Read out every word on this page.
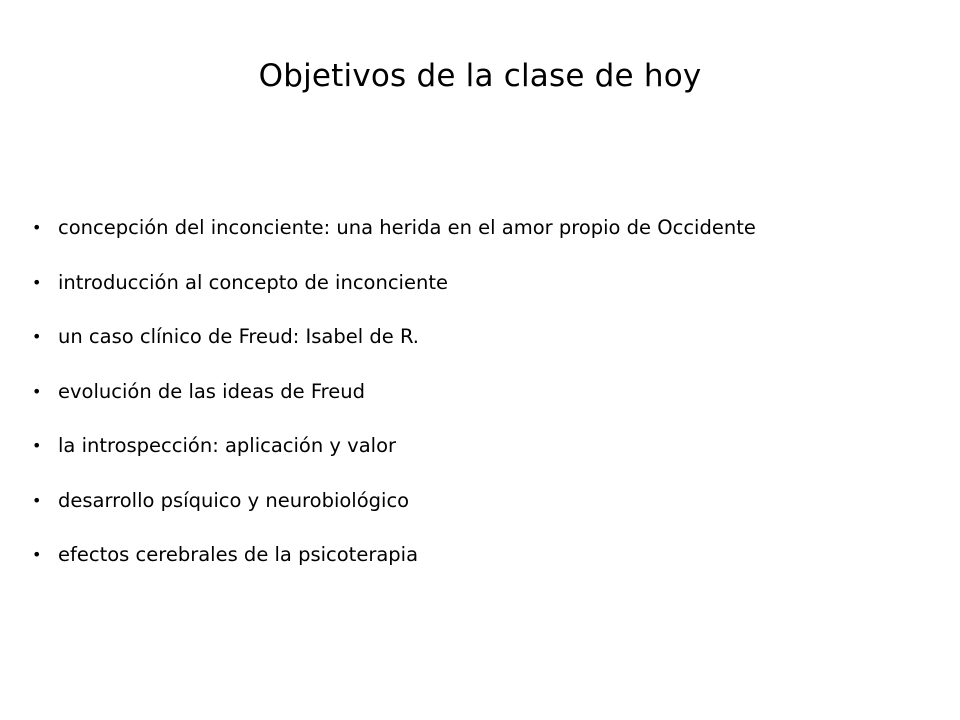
Objetivos de la clase de hoy
• concepción del inconciente: una herida en el amor propio de Occidente
• introducción al concepto de inconciente
• un caso clínico de Freud: Isabel de R.
• evolución de las ideas de Freud
• la introspección: aplicación y valor
• desarrollo psíquico y neurobiológico
• efectos cerebrales de la psicoterapia
